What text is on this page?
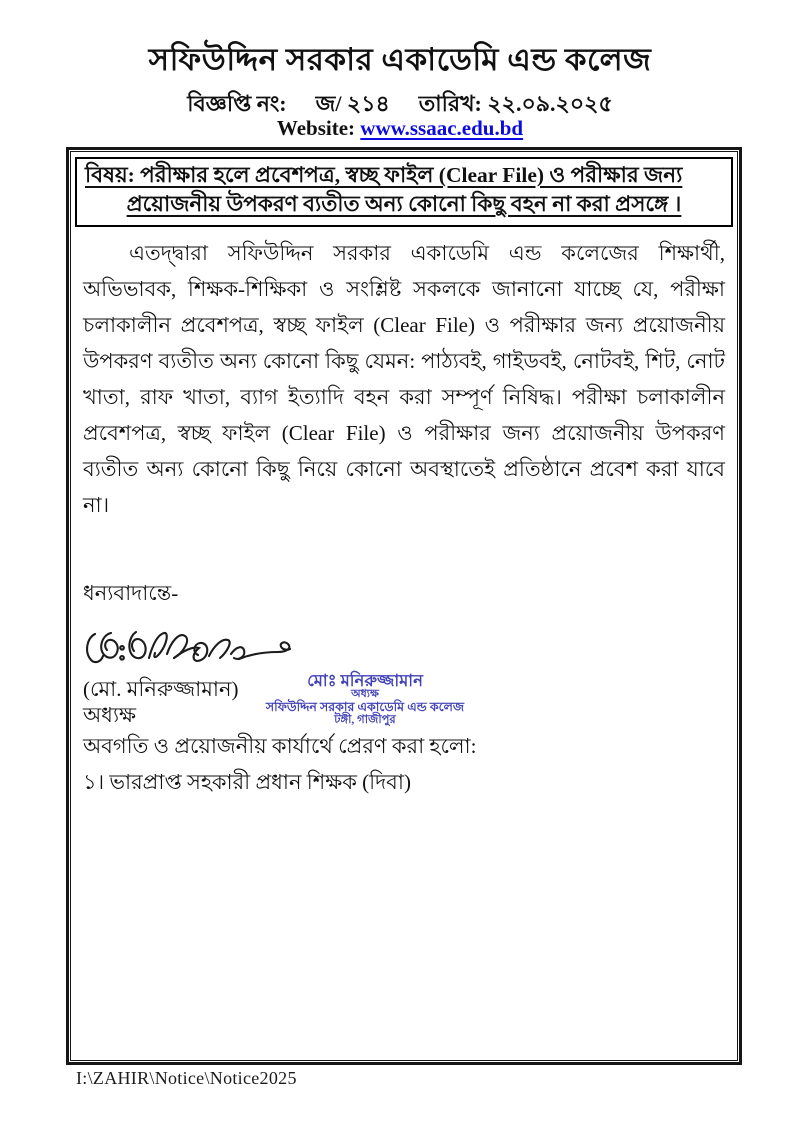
সফিউদ্দিন সরকার একাডেমি এন্ড কলেজ
বিজ্ঞপ্তি নং: জ/ ২১৪ তারিখ: ২২.০৯.২০২৫
Website: www.ssaac.edu.bd
বিষয়: পরীক্ষার হলে প্রবেশপত্র, স্বচ্ছ ফাইল (Clear File) ও পরীক্ষার জন্য
প্রয়োজনীয় উপকরণ ব্যতীত অন্য কোনো কিছু বহন না করা প্রসঙ্গে ।

এতদ্দ্বারা সফিউদ্দিন সরকার একাডেমি এন্ড কলেজের শিক্ষার্থী, অভিভাবক, শিক্ষক-শিক্ষিকা ও সংশ্লিষ্ট সকলকে জানানো যাচ্ছে যে, পরীক্ষা চলাকালীন প্রবেশপত্র, স্বচ্ছ ফাইল (Clear File) ও পরীক্ষার জন্য প্রয়োজনীয় উপকরণ ব্যতীত অন্য কোনো কিছু যেমন: পাঠ্যবই, গাইডবই, নোটবই, শিট, নোট খাতা, রাফ খাতা, ব্যাগ ইত্যাদি বহন করা সম্পূর্ণ নিষিদ্ধ। পরীক্ষা চলাকালীন প্রবেশপত্র, স্বচ্ছ ফাইল (Clear File) ও পরীক্ষার জন্য প্রয়োজনীয় উপকরণ ব্যতীত অন্য কোনো কিছু নিয়ে কোনো অবস্থাতেই প্রতিষ্ঠানে প্রবেশ করা যাবে না।

ধন্যবাদান্তে-
(মো. মনিরুজ্জামান)	মোঃ মনিরুজ্জামান
অধ্যক্ষ
সফিউদ্দিন সরকার একাডেমি এন্ড কলেজ
টঙ্গী, গাজীপুর
অধ্যক্ষ
অবগতি ও প্রয়োজনীয় কার্যার্থে প্রেরণ করা হলো:
১। ভারপ্রাপ্ত সহকারী প্রধান শিক্ষক (দিবা)
I:\ZAHIR\Notice\Notice2025
